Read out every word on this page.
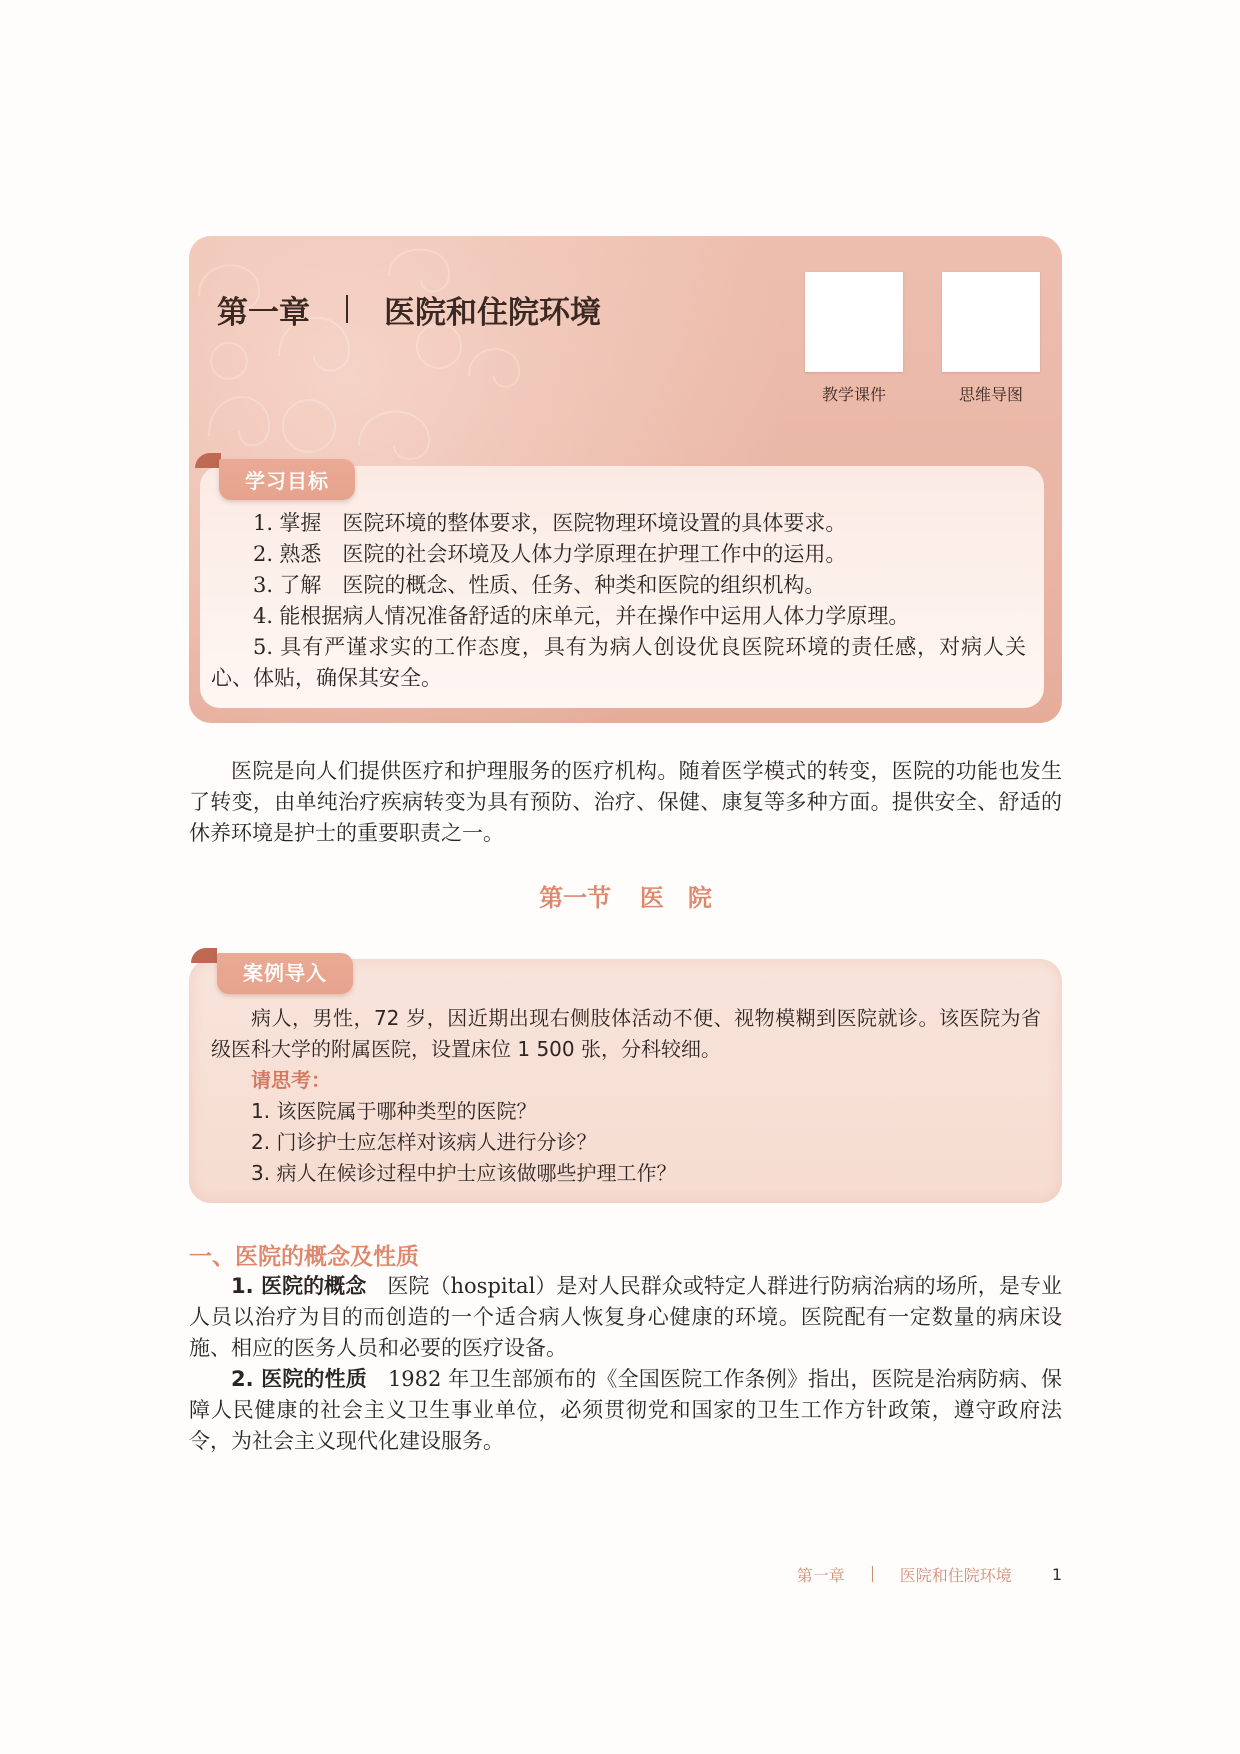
第一章 医院和住院环境
教学课件	思维导图
学习目标

1. 掌握 医院环境的整体要求，医院物理环境设置的具体要求。

2. 熟悉 医院的社会环境及人体力学原理在护理工作中的运用。

3. 了解 医院的概念、性质、任务、种类和医院的组织机构。

4. 能根据病人情况准备舒适的床单元，并在操作中运用人体力学原理。

5. 具有严谨求实的工作态度，具有为病人创设优良医院环境的责任感，对病人关心、体贴，确保其安全。

医院是向人们提供医疗和护理服务的医疗机构。随着医学模式的转变，医院的功能也发生了转变，由单纯治疗疾病转变为具有预防、治疗、保健、康复等多种方面。提供安全、舒适的休养环境是护士的重要职责之一。

第一节 医院
案例导入

病人，男性，72 岁，因近期出现右侧肢体活动不便、视物模糊到医院就诊。该医院为省级医科大学的附属医院，设置床位 1 500 张，分科较细。

请思考：

1. 该医院属于哪种类型的医院？

2. 门诊护士应怎样对该病人进行分诊？

3. 病人在候诊过程中护士应该做哪些护理工作？

一、医院的概念及性质

1. 医院的概念 医院（hospital）是对人民群众或特定人群进行防病治病的场所，是专业人员以治疗为目的而创造的一个适合病人恢复身心健康的环境。医院配有一定数量的病床设施、相应的医务人员和必要的医疗设备。

2. 医院的性质 1982 年卫生部颁布的《全国医院工作条例》指出，医院是治病防病、保障人民健康的社会主义卫生事业单位，必须贯彻党和国家的卫生工作方针政策，遵守政府法令，为社会主义现代化建设服务。

第一章	医院和住院环境	1
